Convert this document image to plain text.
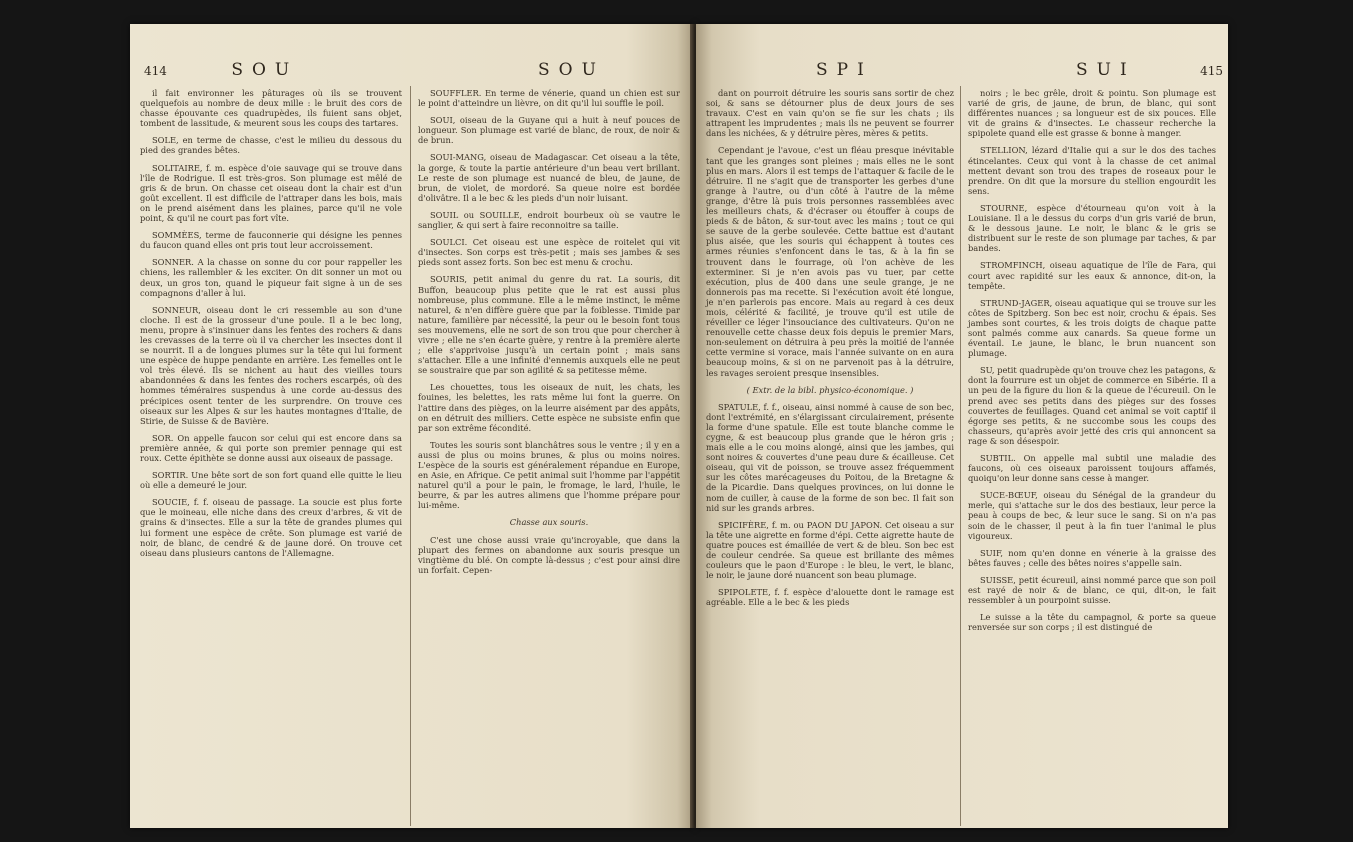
414	SOU	SOU

il fait environner les pâturages où ils se trouvent quelquefois au nombre de deux mille : le bruit des cors de chasse épouvante ces quadrupèdes, ils fuient sans objet, tombent de lassitude, & meurent sous les coups des tartares.

SOLE, en terme de chasse, c'est le milieu du dessous du pied des grandes bêtes.

SOLITAIRE, f. m. espèce d'oie sauvage qui se trouve dans l'île de Rodrigue. Il est très-gros. Son plumage est mêlé de gris & de brun. On chasse cet oiseau dont la chair est d'un goût excellent. Il est difficile de l'attraper dans les bois, mais on le prend aisément dans les plaines, parce qu'il ne vole point, & qu'il ne court pas fort vîte.

SOMMÈES, terme de fauconnerie qui désigne les pennes du faucon quand elles ont pris tout leur accroissement.

SONNER. A la chasse on sonne du cor pour rappeller les chiens, les rallembler & les exciter. On dit sonner un mot ou deux, un gros ton, quand le piqueur fait signe à un de ses compagnons d'aller à lui.

SONNEUR, oiseau dont le cri ressemble au son d'une cloche. Il est de la grosseur d'une poule. Il a le bec long, menu, propre à s'insinuer dans les fentes des rochers & dans les crevasses de la terre où il va chercher les insectes dont il se nourrit. Il a de longues plumes sur la tête qui lui forment une espèce de huppe pendante en arrière. Les femelles ont le vol très élevé. Ils se nichent au haut des vieilles tours abandonnées & dans les fentes des rochers escarpés, où des hommes téméraires suspendus à une corde au-dessus des précipices osent tenter de les surprendre. On trouve ces oiseaux sur les Alpes & sur les hautes montagnes d'Italie, de Stirie, de Suisse & de Bavière.

SOR. On appelle faucon sor celui qui est encore dans sa première année, & qui porte son premier pennage qui est roux. Cette épithète se donne aussi aux oiseaux de passage.

SORTIR. Une bête sort de son fort quand elle quitte le lieu où elle a demeuré le jour.

SOUCIE, f. f. oiseau de passage. La soucie est plus forte que le moineau, elle niche dans des creux d'arbres, & vit de grains & d'insectes. Elle a sur la tête de grandes plumes qui lui forment une espèce de crête. Son plumage est varié de noir, de blanc, de cendré & de jaune doré. On trouve cet oiseau dans plusieurs cantons de l'Allemagne.

SOUFFLER. En terme de vénerie, quand un chien est sur le point d'atteindre un lièvre, on dit qu'il lui souffle le poil.

SOUI, oiseau de la Guyane qui a huit à neuf pouces de longueur. Son plumage est varié de blanc, de roux, de noir & de brun.

SOUI-MANG, oiseau de Madagascar. Cet oiseau a la tête, la gorge, & toute la partie antérieure d'un beau vert brillant. Le reste de son plumage est nuancé de bleu, de jaune, de brun, de violet, de mordoré. Sa queue noire est bordée d'olivâtre. Il a le bec & les pieds d'un noir luisant.

SOUIL ou SOUILLE, endroit bourbeux où se vautre le sanglier, & qui sert à faire reconnoitre sa taille.

SOULCI. Cet oiseau est une espèce de roitelet qui vit d'insectes. Son corps est très-petit ; mais ses jambes & ses pieds sont assez forts. Son bec est menu & crochu.

SOURIS, petit animal du genre du rat. La souris, dit Buffon, beaucoup plus petite que le rat est aussi plus nombreuse, plus commune. Elle a le même instinct, le même naturel, & n'en diffère guère que par la foiblesse. Timide par nature, familière par nécessité, la peur ou le besoin font tous ses mouvemens, elle ne sort de son trou que pour chercher à vivre ; elle ne s'en écarte guère, y rentre à la première alerte ; elle s'apprivoise jusqu'à un certain point ; mais sans s'attacher. Elle a une infinité d'ennemis auxquels elle ne peut se soustraire que par son agilité & sa petitesse même.

Les chouettes, tous les oiseaux de nuit, les chats, les fouines, les belettes, les rats même lui font la guerre. On l'attire dans des pièges, on la leurre aisément par des appâts, on en détruit des milliers. Cette espèce ne subsiste enfin que par son extrême fécondité.

Toutes les souris sont blanchâtres sous le ventre ; il y en a aussi de plus ou moins brunes, & plus ou moins noires. L'espèce de la souris est généralement répandue en Europe, en Asie, en Afrique. Ce petit animal suit l'homme par l'appétit naturel qu'il a pour le pain, le fromage, le lard, l'huile, le beurre, & par les autres alimens que l'homme prépare pour lui-même.

Chasse aux souris.

C'est une chose aussi vraie qu'incroyable, que dans la plupart des fermes on abandonne aux souris presque un vingtième du blé. On compte là-dessus ; c'est pour ainsi dire un forfait. Cepen-

SPI	SUI	415

dant on pourroit détruire les souris sans sortir de chez soi, & sans se détourner plus de deux jours de ses travaux. C'est en vain qu'on se fie sur les chats ; ils attrapent les imprudentes ; mais ils ne peuvent se fourrer dans les nichées, & y détruire pères, mères & petits.

Cependant je l'avoue, c'est un fléau presque inévitable tant que les granges sont pleines ; mais elles ne le sont plus en mars. Alors il est temps de l'attaquer & facile de le détruire. Il ne s'agit que de transporter les gerbes d'une grange à l'autre, ou d'un côté à l'autre de la même grange, d'être là puis trois personnes rassemblées avec les meilleurs chats, & d'écraser ou étouffer à coups de pieds & de bâton, & sur-tout avec les mains ; tout ce qui se sauve de la gerbe soulevée. Cette battue est d'autant plus aisée, que les souris qui échappent à toutes ces armes réunies s'enfoncent dans le tas, & à la fin se trouvent dans le fourrage, où l'on achève de les exterminer. Si je n'en avois pas vu tuer, par cette exécution, plus de 400 dans une seule grange, je ne donnerois pas ma recette. Si l'exécution avoit été longue, je n'en parlerois pas encore. Mais au regard à ces deux mois, célérité & facilité, je trouve qu'il est utile de réveiller ce léger l'insouciance des cultivateurs. Qu'on ne renouvelle cette chasse deux fois depuis le premier Mars, non-seulement on détruira à peu près la moitié de l'année cette vermine si vorace, mais l'année suivante on en aura beaucoup moins, & si on ne parvenoit pas à la détruire, les ravages seroient presque insensibles.

( Extr. de la bibl. physico-économique. )

SPATULE, f. f., oiseau, ainsi nommé à cause de son bec, dont l'extrémité, en s'élargissant circulairement, présente la forme d'une spatule. Elle est toute blanche comme le cygne, & est beaucoup plus grande que le héron gris ; mais elle a le cou moins alongé, ainsi que les jambes, qui sont noires & couvertes d'une peau dure & écailleuse. Cet oiseau, qui vit de poisson, se trouve assez fréquemment sur les côtes marécageuses du Poitou, de la Bretagne & de la Picardie. Dans quelques provinces, on lui donne le nom de cuiller, à cause de la forme de son bec. Il fait son nid sur les grands arbres.

SPICIFÈRE, f. m. ou PAON DU JAPON. Cet oiseau a sur la tête une aigrette en forme d'épi. Cette aigrette haute de quatre pouces est émaillée de vert & de bleu. Son bec est de couleur cendrée. Sa queue est brillante des mêmes couleurs que le paon d'Europe : le bleu, le vert, le blanc, le noir, le jaune doré nuancent son beau plumage.

SPIPOLETE, f. f. espèce d'alouette dont le ramage est agréable. Elle a le bec & les pieds

noirs ; le bec grêle, droit & pointu. Son plumage est varié de gris, de jaune, de brun, de blanc, qui sont différentes nuances ; sa longueur est de six pouces. Elle vit de grains & d'insectes. Le chasseur recherche la spipolete quand elle est grasse & bonne à manger.

STELLION, lézard d'Italie qui a sur le dos des taches étincelantes. Ceux qui vont à la chasse de cet animal mettent devant son trou des trapes de roseaux pour le prendre. On dit que la morsure du stellion engourdit les sens.

STOURNE, espèce d'étourneau qu'on voit à la Louisiane. Il a le dessus du corps d'un gris varié de brun, & le dessous jaune. Le noir, le blanc & le gris se distribuent sur le reste de son plumage par taches, & par bandes.

STROMFINCH, oiseau aquatique de l'île de Fara, qui court avec rapidité sur les eaux & annonce, dit-on, la tempête.

STRUND-JAGER, oiseau aquatique qui se trouve sur les côtes de Spitzberg. Son bec est noir, crochu & épais. Ses jambes sont courtes, & les trois doigts de chaque patte sont palmés comme aux canards. Sa queue forme un éventail. Le jaune, le blanc, le brun nuancent son plumage.

SU, petit quadrupède qu'on trouve chez les patagons, & dont la fourrure est un objet de commerce en Sibérie. Il a un peu de la figure du lion & la queue de l'écureuil. On le prend avec ses petits dans des pièges sur des fosses couvertes de feuillages. Quand cet animal se voit captif il égorge ses petits, & ne succombe sous les coups des chasseurs, qu'après avoir jetté des cris qui annoncent sa rage & son désespoir.

SUBTIL. On appelle mal subtil une maladie des faucons, où ces oiseaux paroissent toujours affamés, quoiqu'on leur donne sans cesse à manger.

SUCE-BŒUF, oiseau du Sénégal de la grandeur du merle, qui s'attache sur le dos des bestiaux, leur perce la peau à coups de bec, & leur suce le sang. Si on n'a pas soin de le chasser, il peut à la fin tuer l'animal le plus vigoureux.

SUIF, nom qu'en donne en vénerie à la graisse des bêtes fauves ; celle des bêtes noires s'appelle sain.

SUISSE, petit écureuil, ainsi nommé parce que son poil est rayé de noir & de blanc, ce qui, dit-on, le fait ressembler à un pourpoint suisse.

Le suisse a la tête du campagnol, & porte sa queue renversée sur son corps ; il est distingué de
